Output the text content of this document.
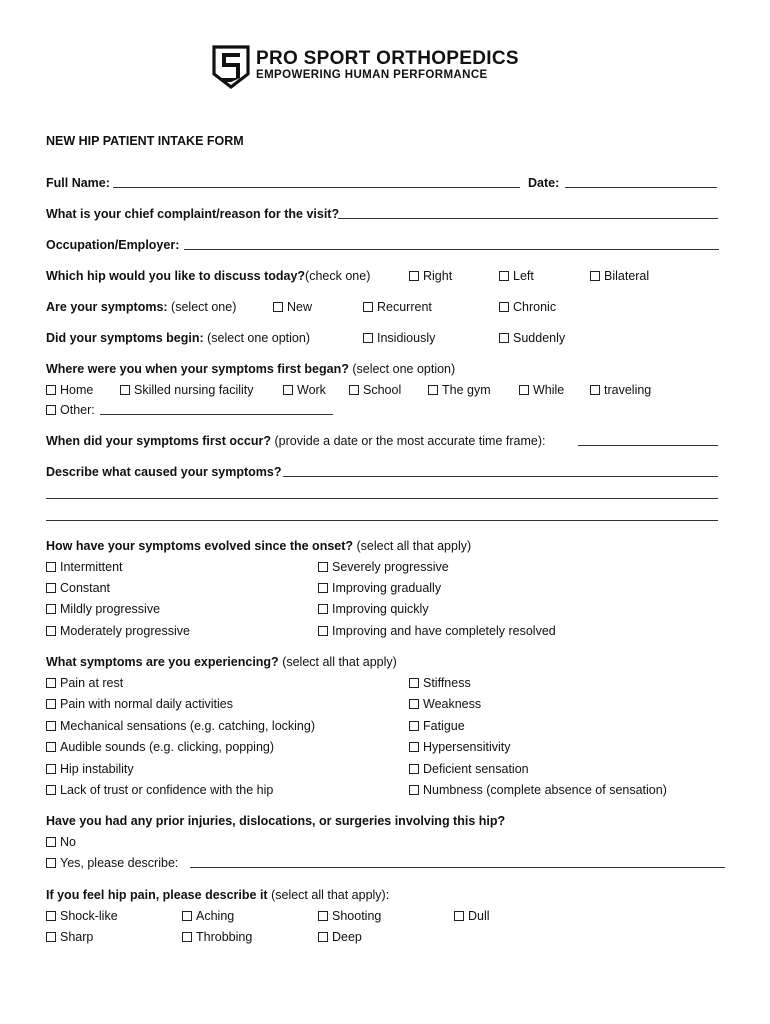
PRO SPORT ORTHOPEDICS
EMPOWERING HUMAN PERFORMANCE
NEW HIP PATIENT INTAKE FORM
Full Name:	Date:
What is your chief complaint/reason for the visit?
Occupation/Employer:
Which hip would you like to discuss today?(check one)	Right	Left	Bilateral
Are your symptoms: (select one)	New	Recurrent	Chronic
Did your symptoms begin: (select one option)	Insidiously	Suddenly
Where were you when your symptoms first began? (select one option)
Home	Skilled nursing facility	Work	School	The gym	While	traveling
Other:
When did your symptoms first occur? (provide a date or the most accurate time frame):
Describe what caused your symptoms?
How have your symptoms evolved since the onset? (select all that apply)
Intermittent
Constant
Mildly progressive
Moderately progressive
Severely progressive
Improving gradually
Improving quickly
Improving and have completely resolved
What symptoms are you experiencing? (select all that apply)
Pain at rest
Pain with normal daily activities
Mechanical sensations (e.g. catching, locking)
Audible sounds (e.g. clicking, popping)
Hip instability
Lack of trust or confidence with the hip
Stiffness
Weakness
Fatigue
Hypersensitivity
Deficient sensation
Numbness (complete absence of sensation)
Have you had any prior injuries, dislocations, or surgeries involving this hip?
No
Yes, please describe:
If you feel hip pain, please describe it (select all that apply):
Shock-like	Aching	Shooting	Dull
Sharp	Throbbing	Deep
